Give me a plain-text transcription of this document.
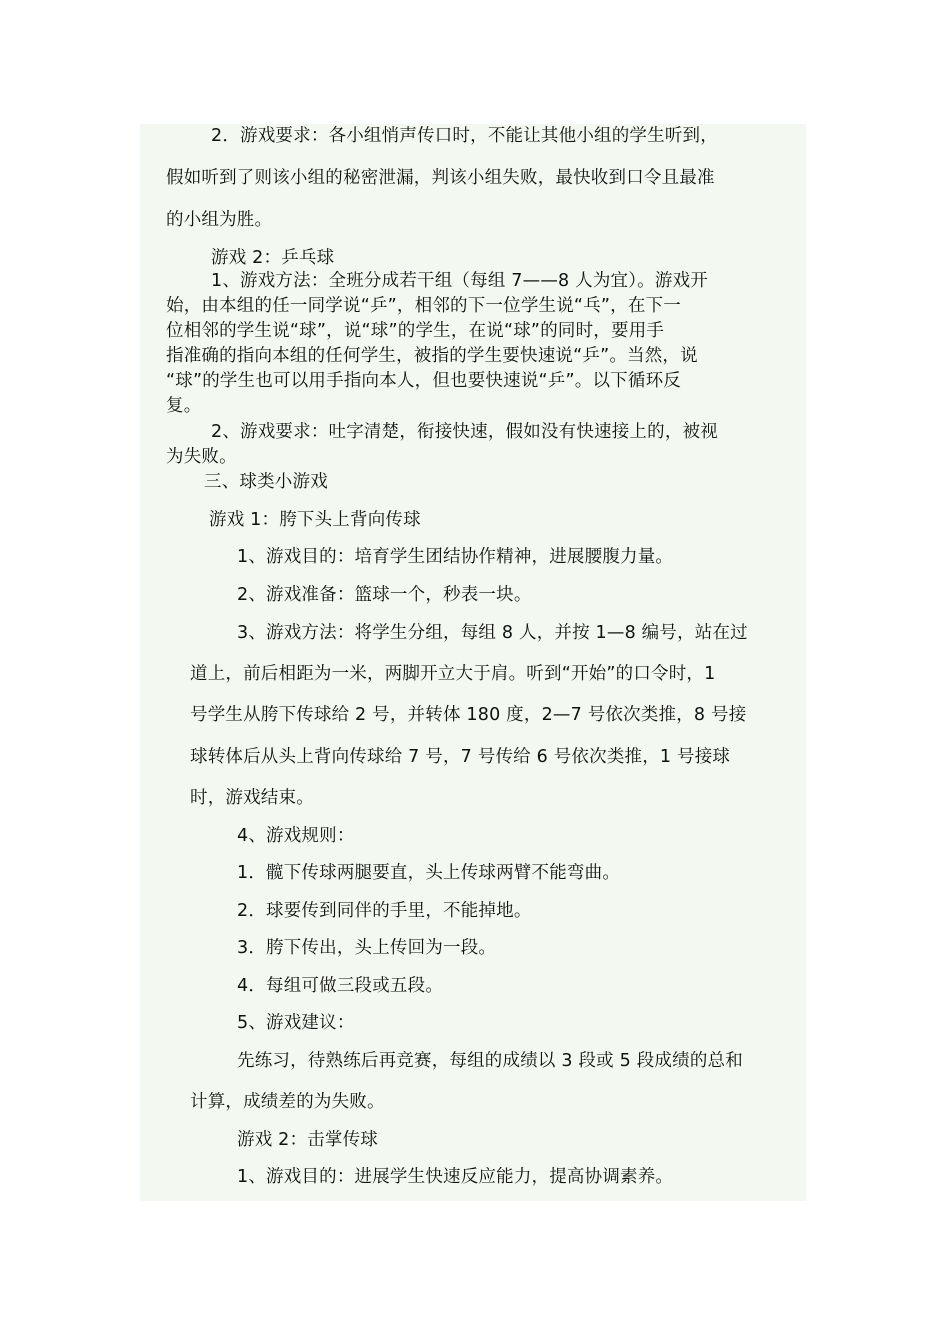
2．游戏要求：各小组悄声传口时，不能让其他小组的学生听到，
假如听到了则该小组的秘密泄漏，判该小组失败，最快收到口令且最准
的小组为胜。
游戏 2：乒乓球
1、游戏方法：全班分成若干组（每组 7——8 人为宜）。游戏开
始，由本组的任一同学说“乒”，相邻的下一位学生说“乓”，在下一
位相邻的学生说“球”，说“球”的学生，在说“球”的同时，要用手
指准确的指向本组的任何学生，被指的学生要快速说“乒”。当然，说
“球”的学生也可以用手指向本人，但也要快速说“乒”。以下循环反
复。
2、游戏要求：吐字清楚，衔接快速，假如没有快速接上的，被视
为失败。
三、球类小游戏
游戏 1：胯下头上背向传球
1、游戏目的：培育学生团结协作精神，进展腰腹力量。
2、游戏准备：篮球一个，秒表一块。
3、游戏方法：将学生分组，每组 8 人，并按 1—8 编号，站在过
道上，前后相距为一米，两脚开立大于肩。听到“开始”的口令时，1
号学生从胯下传球给 2 号，并转体 180 度，2—7 号依次类推，8 号接
球转体后从头上背向传球给 7 号，7 号传给 6 号依次类推，1 号接球
时，游戏结束。
4、游戏规则：
1．髋下传球两腿要直，头上传球两臂不能弯曲。
2．球要传到同伴的手里，不能掉地。
3．胯下传出，头上传回为一段。
4．每组可做三段或五段。
5、游戏建议：
先练习，待熟练后再竞赛，每组的成绩以 3 段或 5 段成绩的总和
计算，成绩差的为失败。
游戏 2：击掌传球
1、游戏目的：进展学生快速反应能力，提高协调素养。
